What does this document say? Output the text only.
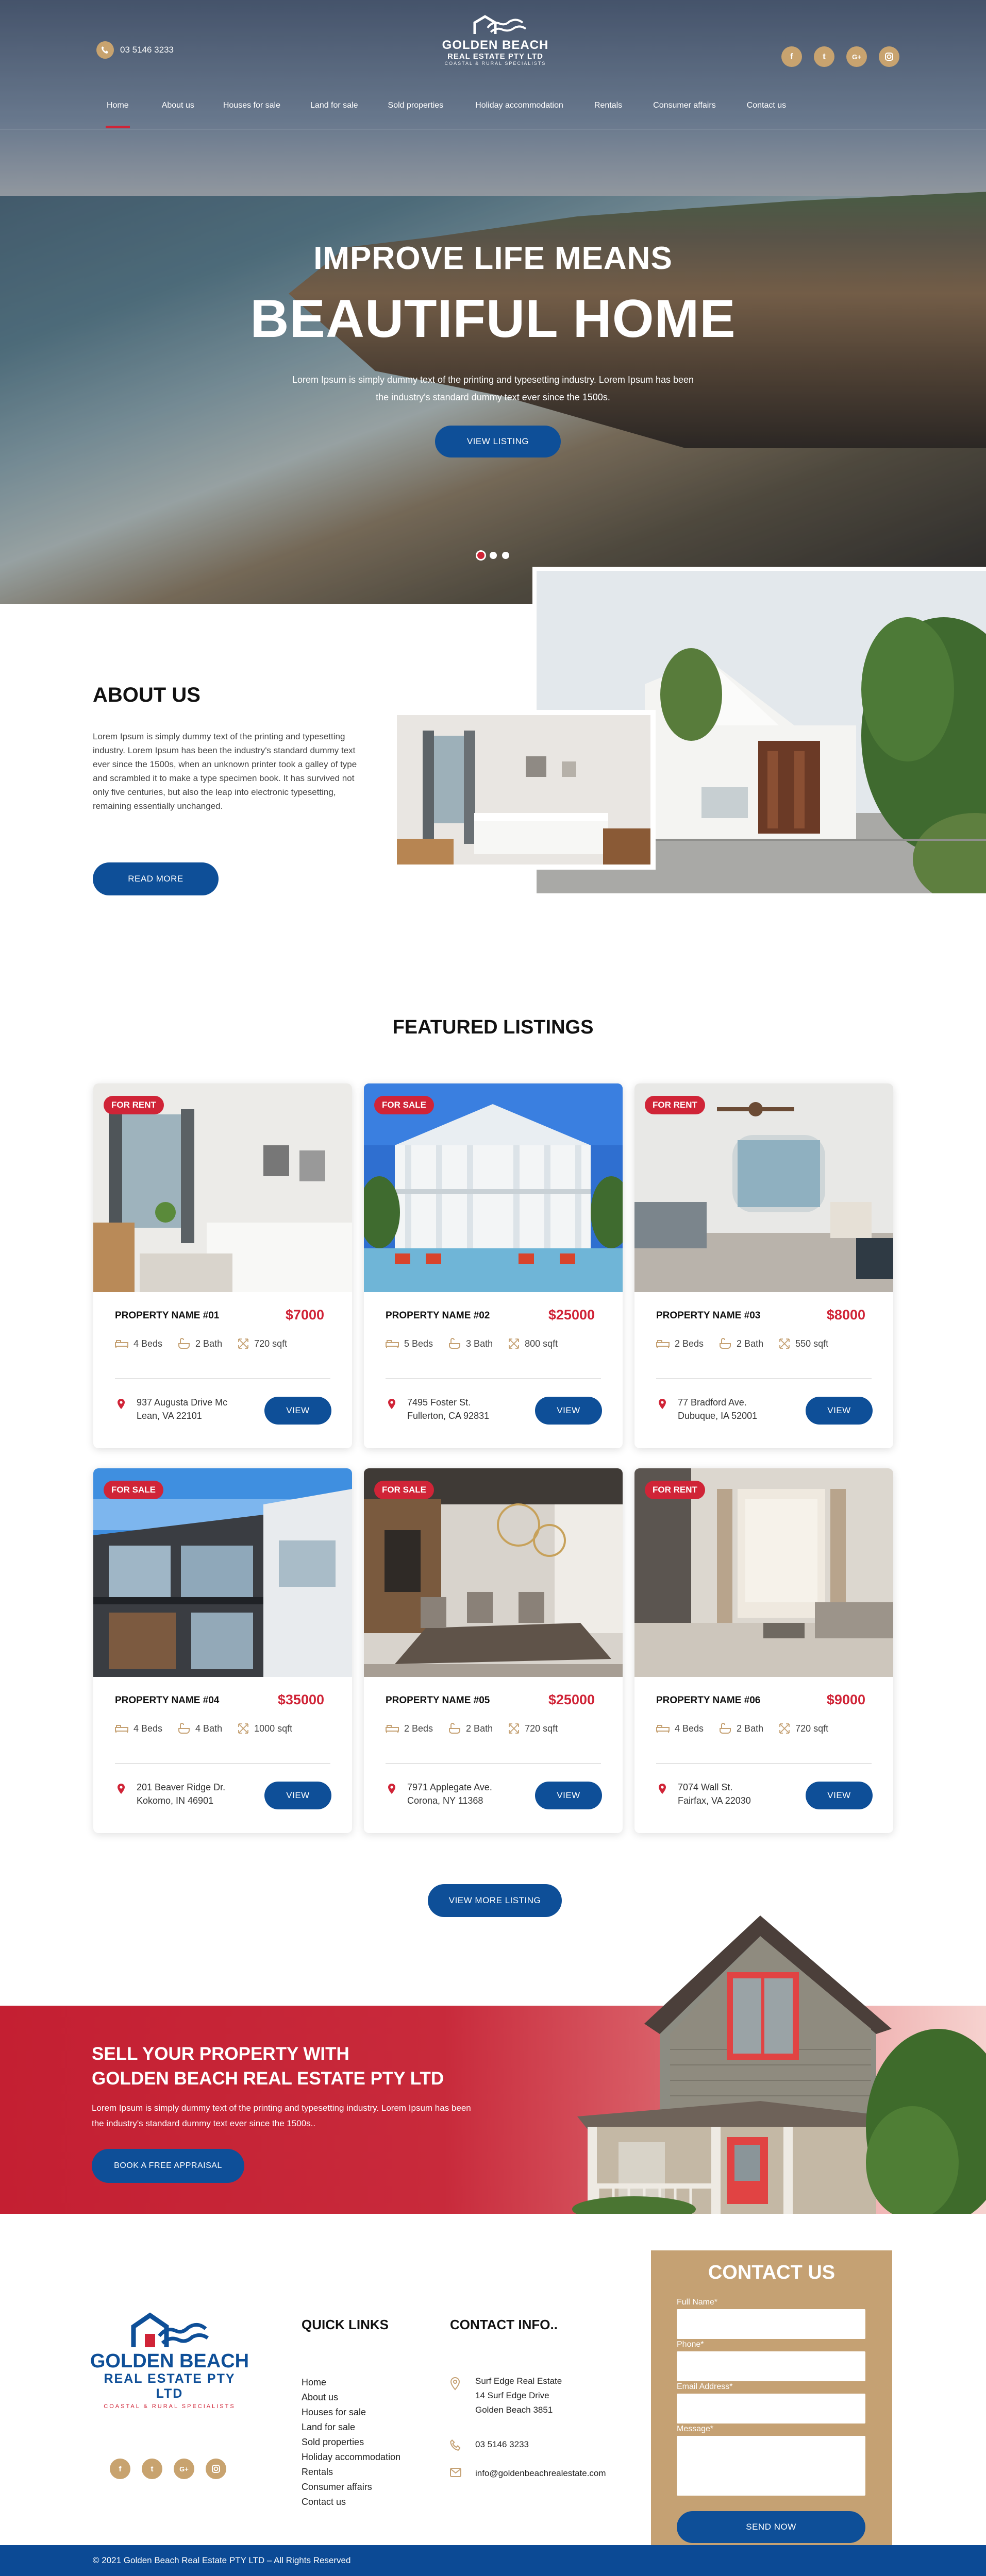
03 5146 3233	GOLDEN BEACH
REAL ESTATE PTY LTD
COASTAL & RURAL SPECIALISTS
f	t	G+
Home	About us	Houses for sale	Land for sale	Sold properties	Holiday accommodation	Rentals	Consumer affairs	Contact us
IMPROVE LIFE MEANS
BEAUTIFUL HOME

Lorem Ipsum is simply dummy text of the printing and typesetting industry. Lorem Ipsum has been the industry's standard dummy text ever since the 1500s.

VIEW LISTING
ABOUT US

Lorem Ipsum is simply dummy text of the printing and typesetting industry. Lorem Ipsum has been the industry's standard dummy text ever since the 1500s, when an unknown printer took a galley of type and scrambled it to make a type specimen book. It has survived not only five centuries, but also the leap into electronic typesetting, remaining essentially unchanged.

READ MORE
FEATURED LISTINGS
FOR RENT
PROPERTY NAME #01	$7000
4 Beds	2 Bath	720 sqft
937 Augusta Drive Mc
Lean, VA 22101
VIEW
FOR SALE
PROPERTY NAME #02	$25000
5 Beds	3 Bath	800 sqft
7495 Foster St.
Fullerton, CA 92831
VIEW
FOR RENT
PROPERTY NAME #03	$8000
2 Beds	2 Bath	550 sqft
77 Bradford Ave.
Dubuque, IA 52001
VIEW
FOR SALE
PROPERTY NAME #04	$35000
4 Beds	4 Bath	1000 sqft
201 Beaver Ridge Dr.
Kokomo, IN 46901
VIEW
FOR SALE
PROPERTY NAME #05	$25000
2 Beds	2 Bath	720 sqft
7971 Applegate Ave.
Corona, NY 11368
VIEW
FOR RENT
PROPERTY NAME #06	$9000
4 Beds	2 Bath	720 sqft
7074 Wall St.
Fairfax, VA 22030
VIEW
VIEW MORE LISTING
SELL YOUR PROPERTY WITH
GOLDEN BEACH REAL ESTATE PTY LTD
Lorem Ipsum is simply dummy text of the printing and typesetting industry. Lorem Ipsum has been
the industry's standard dummy text ever since the 1500s..
BOOK A FREE APPRAISAL
GOLDEN BEACH
REAL ESTATE PTY LTD
COASTAL & RURAL SPECIALISTS
f	t	G+
QUICK LINKS
Home
About us
Houses for sale
Land for sale
Sold properties
Holiday accommodation
Rentals
Consumer affairs
Contact us
CONTACT INFO..
Surf Edge Real Estate
14 Surf Edge Drive
Golden Beach 3851
03 5146 3233
info@goldenbeachrealestate.com
CONTACT US
Full Name*
Phone*
Email Address*
Message*
SEND NOW
© 2021 Golden Beach Real Estate PTY LTD – All Rights Reserved
